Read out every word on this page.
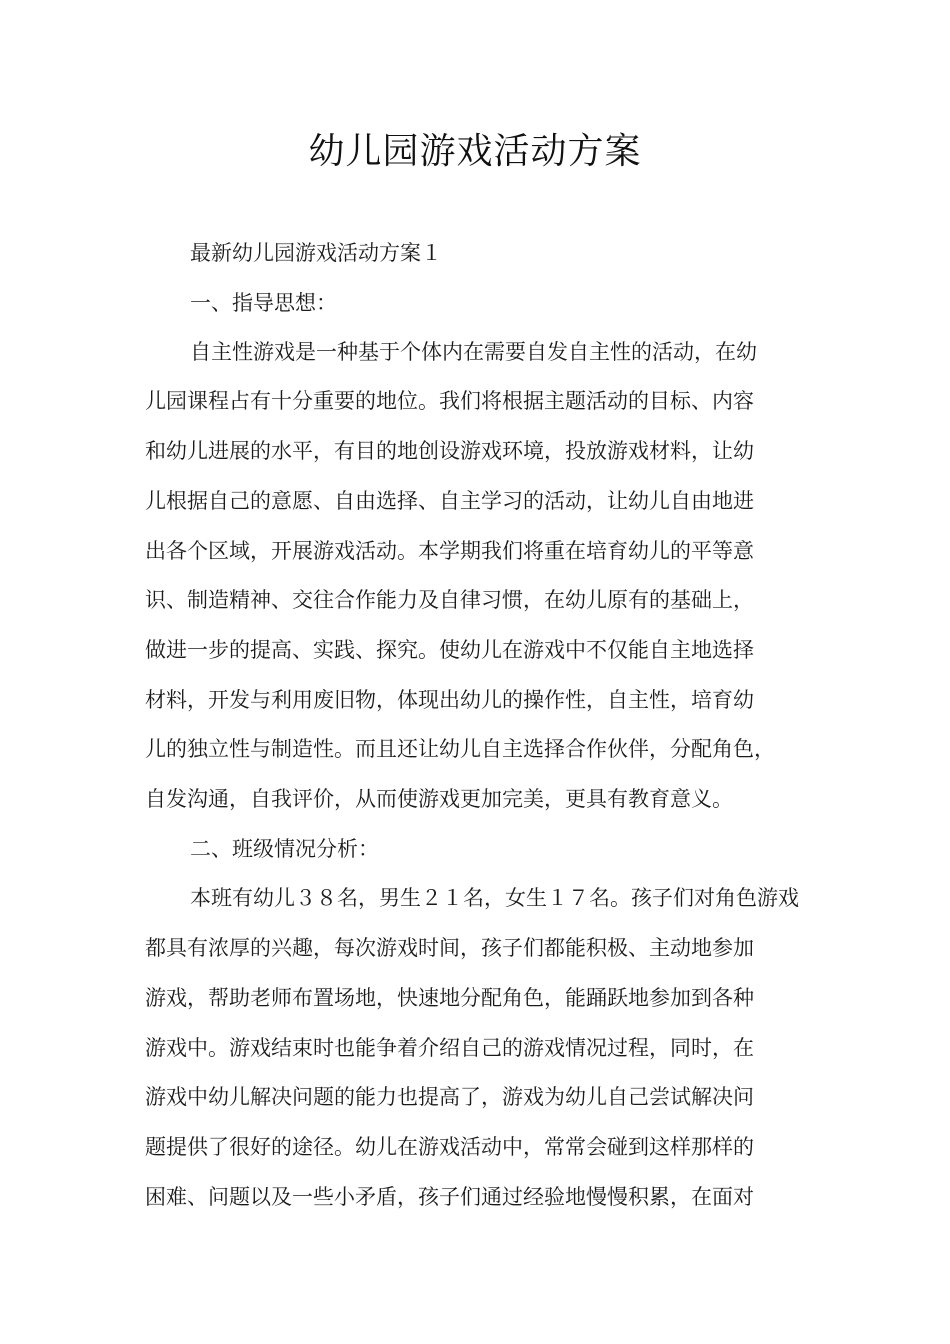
幼儿园游戏活动方案
最新幼儿园游戏活动方案１
一、指导思想：
自主性游戏是一种基于个体内在需要自发自主性的活动，在幼
儿园课程占有十分重要的地位。我们将根据主题活动的目标、内容
和幼儿进展的水平，有目的地创设游戏环境，投放游戏材料，让幼
儿根据自己的意愿、自由选择、自主学习的活动，让幼儿自由地进
出各个区域，开展游戏活动。本学期我们将重在培育幼儿的平等意
识、制造精神、交往合作能力及自律习惯，在幼儿原有的基础上，
做进一步的提高、实践、探究。使幼儿在游戏中不仅能自主地选择
材料，开发与利用废旧物，体现出幼儿的操作性，自主性，培育幼
儿的独立性与制造性。而且还让幼儿自主选择合作伙伴，分配角色，
自发沟通，自我评价，从而使游戏更加完美，更具有教育意义。
二、班级情况分析：
本班有幼儿３８名，男生２１名，女生１７名。孩子们对角色游戏
都具有浓厚的兴趣，每次游戏时间，孩子们都能积极、主动地参加
游戏，帮助老师布置场地，快速地分配角色，能踊跃地参加到各种
游戏中。游戏结束时也能争着介绍自己的游戏情况过程，同时，在
游戏中幼儿解决问题的能力也提高了，游戏为幼儿自己尝试解决问
题提供了很好的途径。幼儿在游戏活动中，常常会碰到这样那样的
困难、问题以及一些小矛盾，孩子们通过经验地慢慢积累，在面对
